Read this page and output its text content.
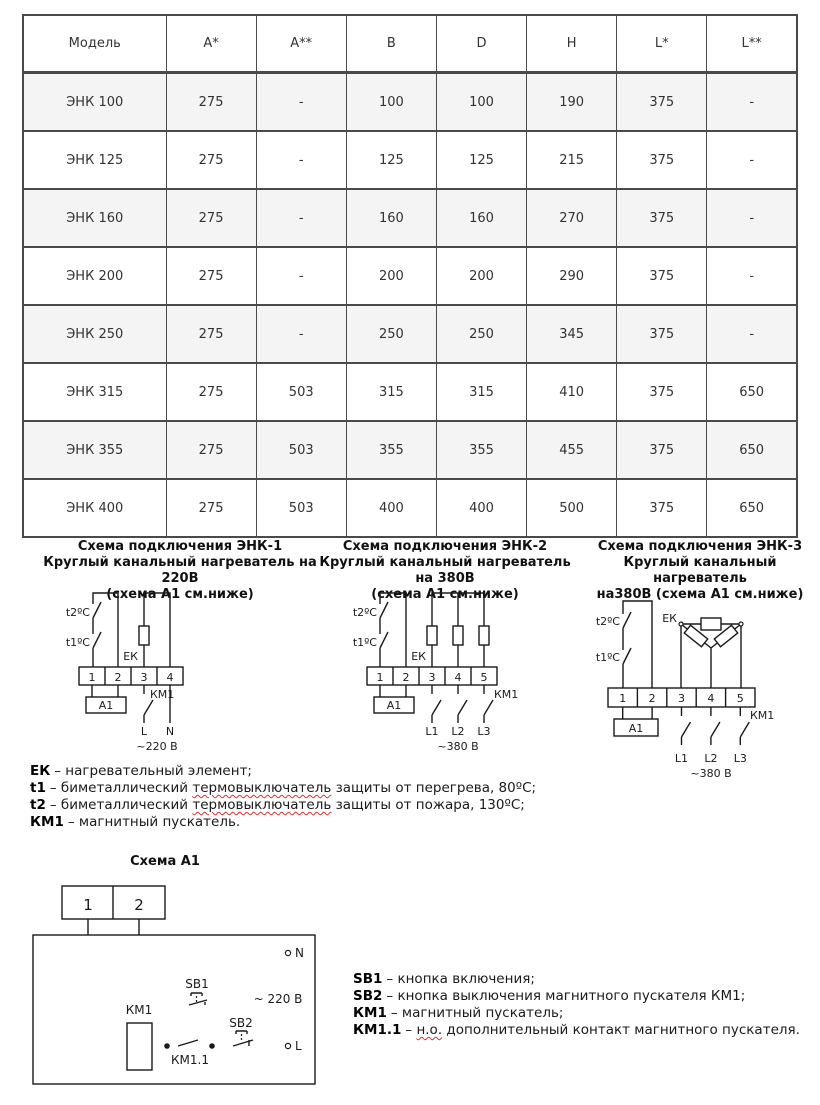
Модель	A*	A**	B	D	H	L*	L**
ЭНК 100	275	-	100	100	190	375	-
ЭНК 125	275	-	125	125	215	375	-
ЭНК 160	275	-	160	160	270	375	-
ЭНК 200	275	-	200	200	290	375	-
ЭНК 250	275	-	250	250	345	375	-
ЭНК 315	275	503	315	315	410	375	650
ЭНК 355	275	503	355	355	455	375	650
ЭНК 400	275	503	400	400	500	375	650
Схема подключения ЭНК-1
Круглый канальный нагреватель на 220В
(схема А1 см.ниже)
Схема подключения ЭНК-2
Круглый канальный нагреватель на 380В
(схема А1 см.ниже)
Схема подключения ЭНК-3
Круглый канальный нагреватель
на380В (схема А1 см.ниже)
t2ºС
t1ºС
ЕК
1 2 3 4
А1
КМ1
L N
~220 В
t2ºС
t1ºС
ЕК
1 2 3 4 5
А1
КМ1
L1 L2 L3
~380 В
t2ºС
t1ºС
ЕК
1 2 3 4 5
А1
КМ1
L1 L2 L3
~380 В
ЕК – нагревательный элемент;
t1 – биметаллический термовыключатель защиты от перегрева, 80ºС;
t2 – биметаллический термовыключатель защиты от пожара, 130ºС;
КМ1 – магнитный пускатель.
Схема А1
1	2
КМ1
SB1
SB2
КМ1.1
N
L
~ 220 В
SB1 – кнопка включения;
SB2 – кнопка выключения магнитного пускателя КМ1;
КМ1 – магнитный пускатель;
КМ1.1 – н.о. дополнительный контакт магнитного пускателя.
